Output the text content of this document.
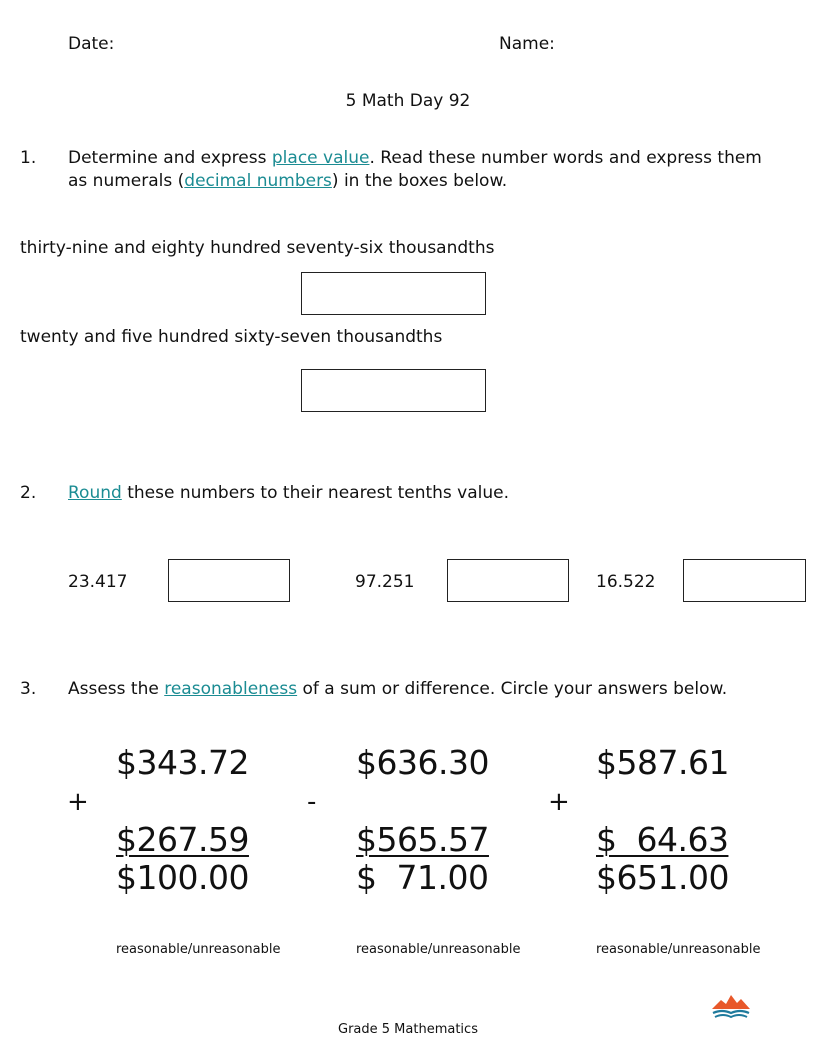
Date:	Name:
5 Math Day 92
1. Determine and express place value. Read these number words and express them
as numerals (decimal numbers) in the boxes below.
thirty-nine and eighty hundred seventy-six thousandths
twenty and five hundred sixty-seven thousandths
2. Round these numbers to their nearest tenths value.
23.417	97.251	16.522
3. Assess the reasonableness of a sum or difference. Circle your answers below.
$343.72
+
$267.59
$100.00
reasonable/unreasonable
$636.30
-
$565.57
$  71.00
reasonable/unreasonable
$587.61
+
$  64.63
$651.00
reasonable/unreasonable
Grade 5 Mathematics
